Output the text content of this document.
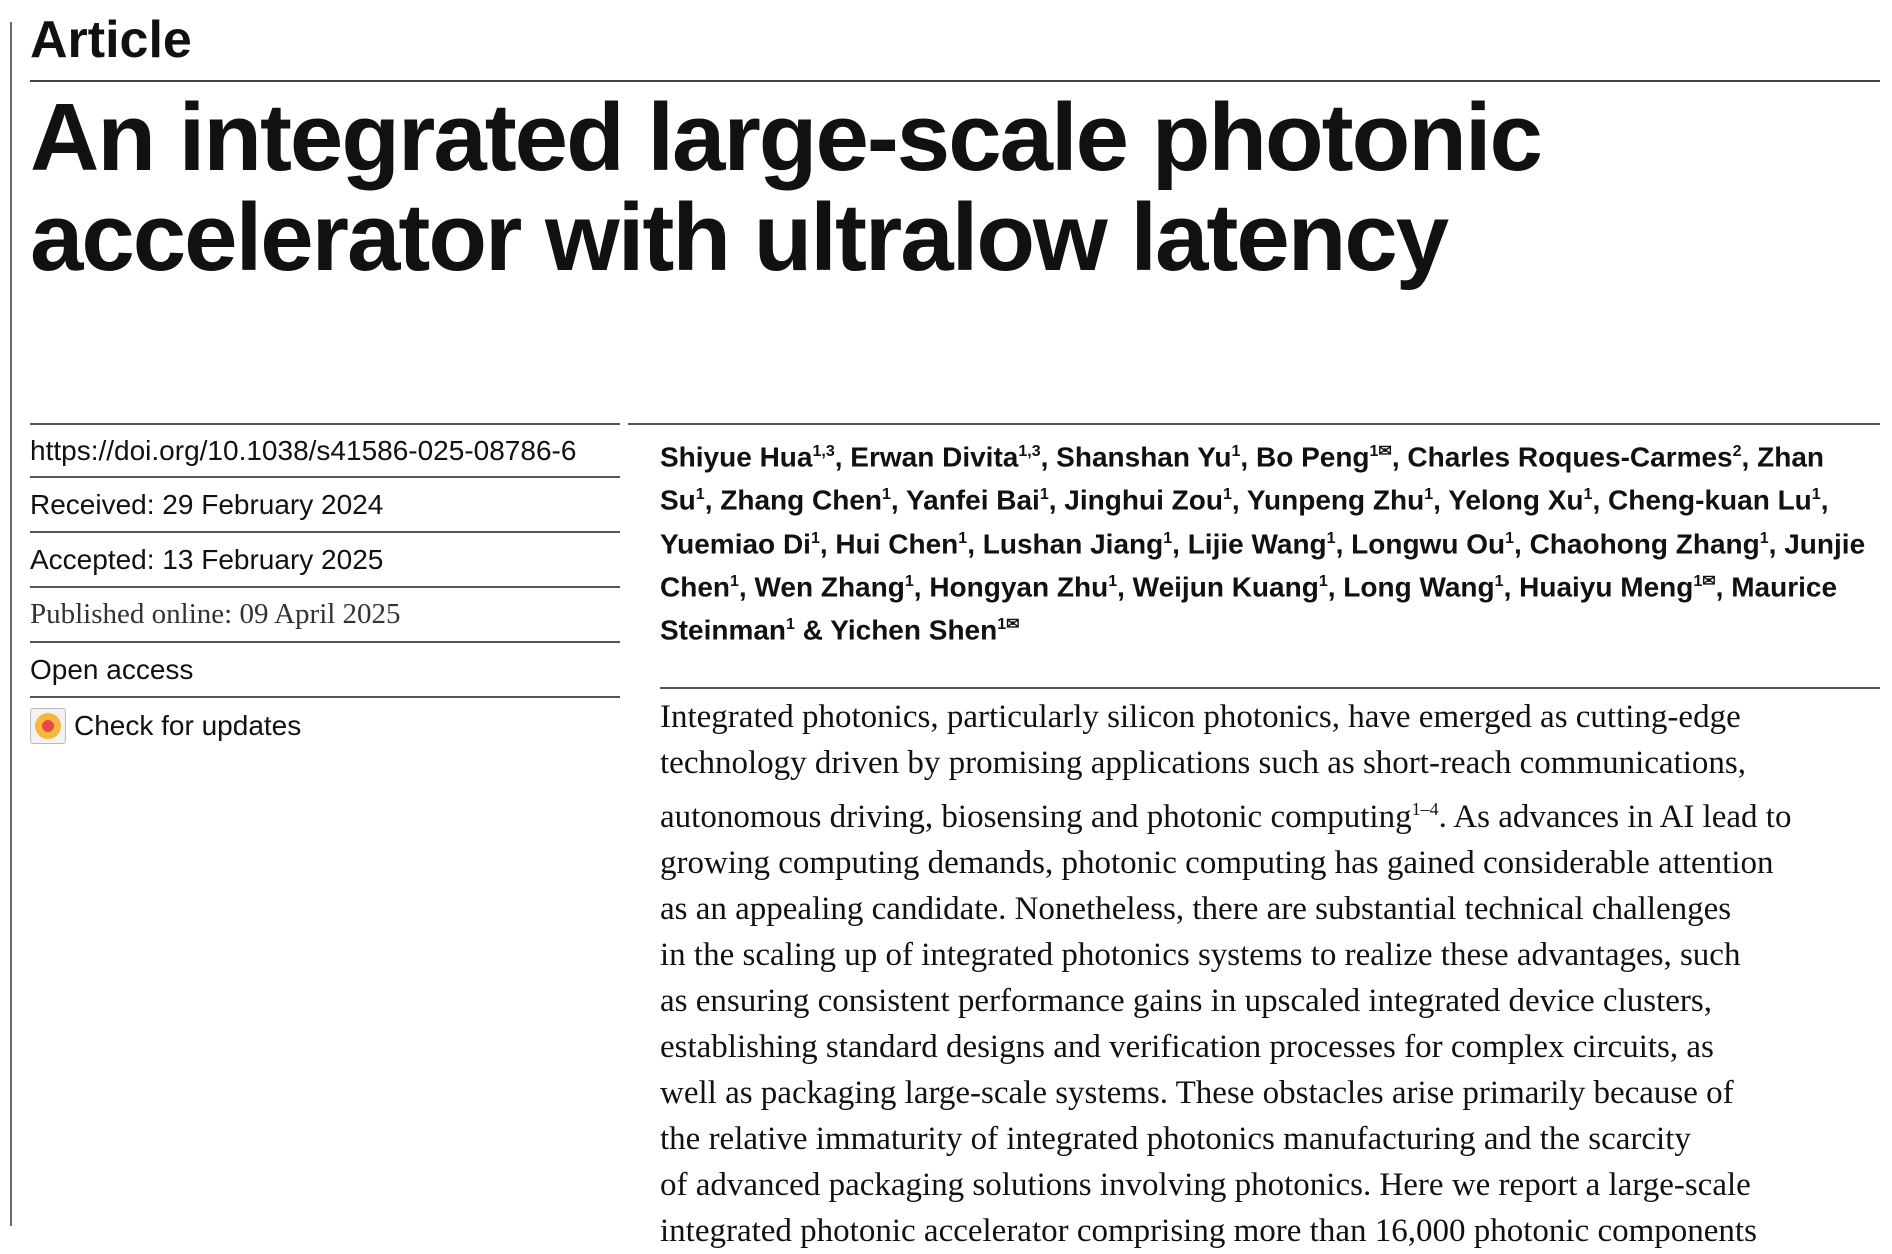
Article
An integrated large-scale photonic
accelerator with ultralow latency
https://doi.org/10.1038/s41586-025-08786-6
Received: 29 February 2024
Accepted: 13 February 2025
Published online: 09 April 2025
Open access
Check for updates

Shiyue Hua$^{1,3}$, Erwan Divita$^{1,3}$, Shanshan Yu$^1$, Bo Peng$^{1✉}$, Charles Roques-Carmes$^2$, Zhan Su$^1$, Zhang Chen$^1$, Yanfei Bai$^1$, Jinghui Zou$^1$, Yunpeng Zhu$^1$, Yelong Xu$^1$, Cheng-kuan Lu$^1$, Yuemiao Di$^1$, Hui Chen$^1$, Lushan Jiang$^1$, Lijie Wang$^1$, Longwu Ou$^1$, Chaohong Zhang$^1$, Junjie Chen$^1$, Wen Zhang$^1$, Hongyan Zhu$^1$, Weijun Kuang$^1$, Long Wang$^1$, Huaiyu Meng$^{1✉}$, Maurice Steinman$^1$ & Yichen Shen$^{1✉}$

Integrated photonics, particularly silicon photonics, have emerged as cutting-edge
technology driven by promising applications such as short-reach communications,
autonomous driving, biosensing and photonic computing$^{1-4}$. As advances in AI lead to
growing computing demands, photonic computing has gained considerable attention
as an appealing candidate. Nonetheless, there are substantial technical challenges
in the scaling up of integrated photonics systems to realize these advantages, such
as ensuring consistent performance gains in upscaled integrated device clusters,
establishing standard designs and verification processes for complex circuits, as
well as packaging large-scale systems. These obstacles arise primarily because of
the relative immaturity of integrated photonics manufacturing and the scarcity
of advanced packaging solutions involving photonics. Here we report a large-scale
integrated photonic accelerator comprising more than 16,000 photonic components
